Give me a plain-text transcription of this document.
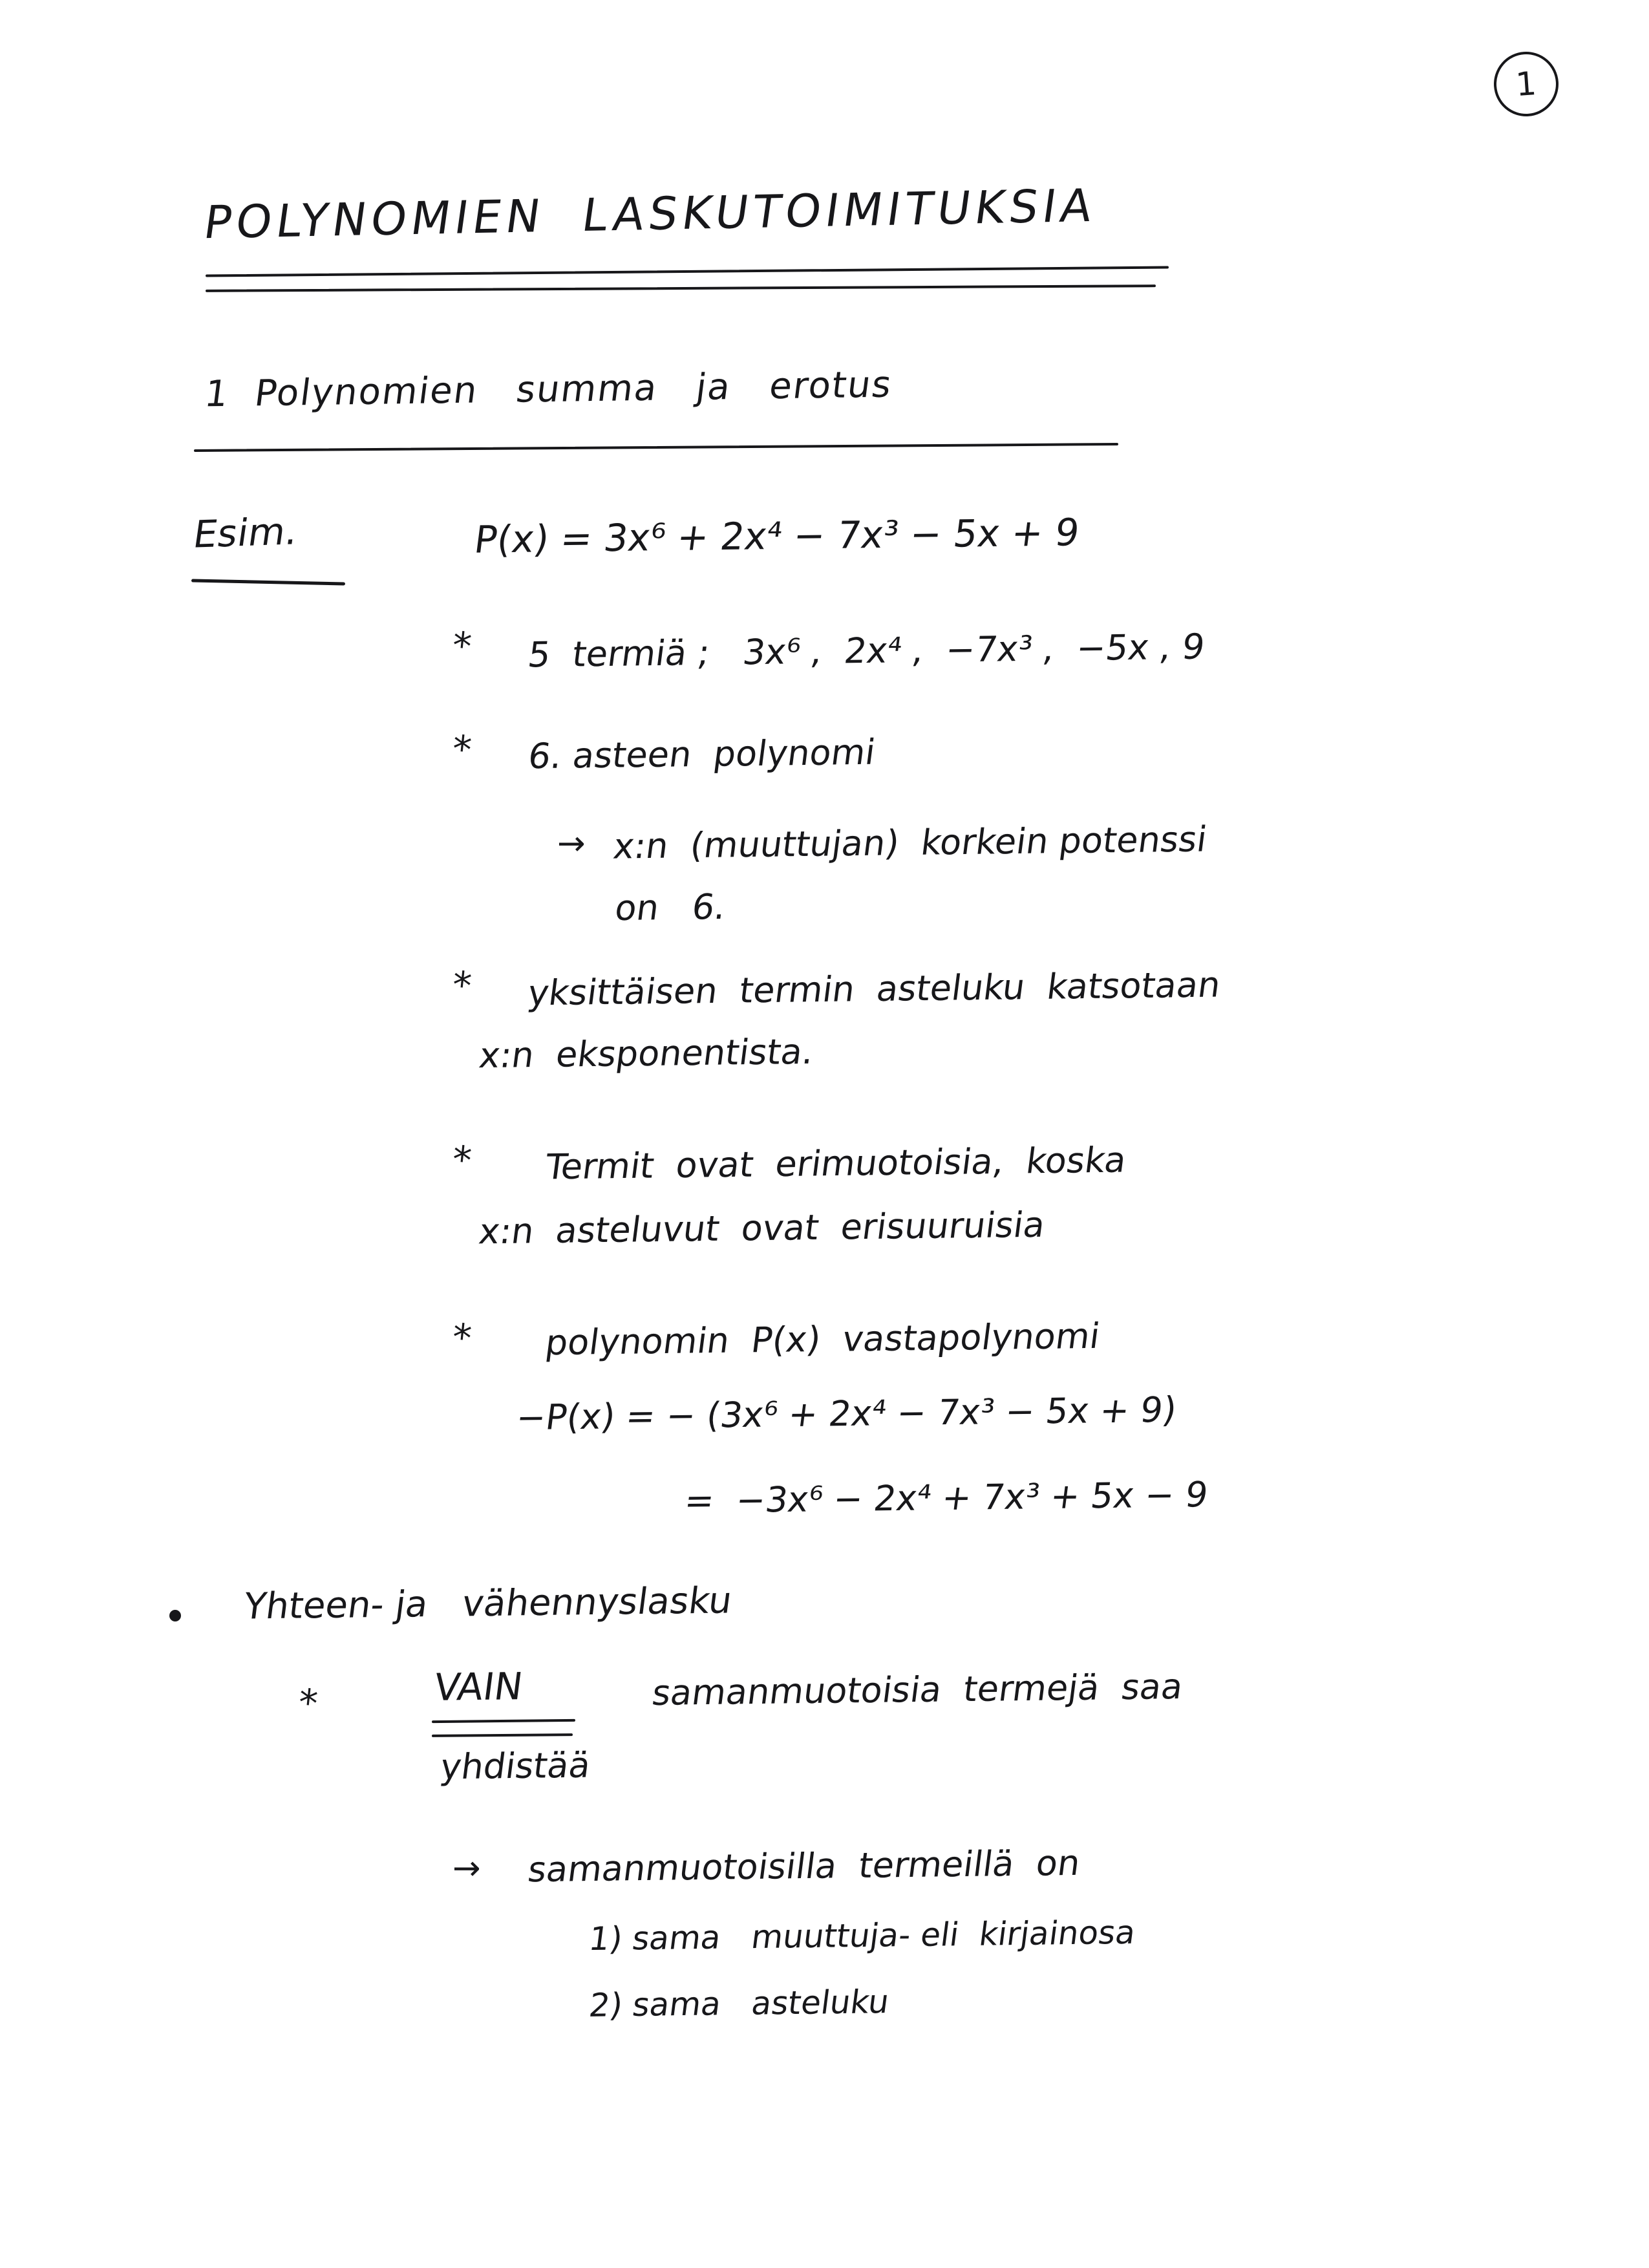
1
POLYNOMIEN  LASKUTOIMITUKSIA
1  Polynomien   summa   ja   erotus
Esim.	P(x) = 3x⁶ + 2x⁴ − 7x³ − 5x + 9
* 5  termiä ;   3x⁶ ,  2x⁴ ,  −7x³ ,  −5x , 9
* 6. asteen  polynomi
→ x:n  (muuttujan)  korkein potenssi
on   6.
* yksittäisen  termin  asteluku  katsotaan
x:n  eksponentista.
* Termit  ovat  erimuotoisia,  koska
x:n  asteluvut  ovat  erisuuruisia
* polynomin  P(x)  vastapolynomi
−P(x) = − (3x⁶ + 2x⁴ − 7x³ − 5x + 9)
=  −3x⁶ − 2x⁴ + 7x³ + 5x − 9
Yhteen- ja   vähennyslasku
*	VAIN	samanmuotoisia  termejä  saa
yhdistää
→ samanmuotoisilla  termeillä  on
1) sama   muuttuja- eli  kirjainosa
2) sama   asteluku
